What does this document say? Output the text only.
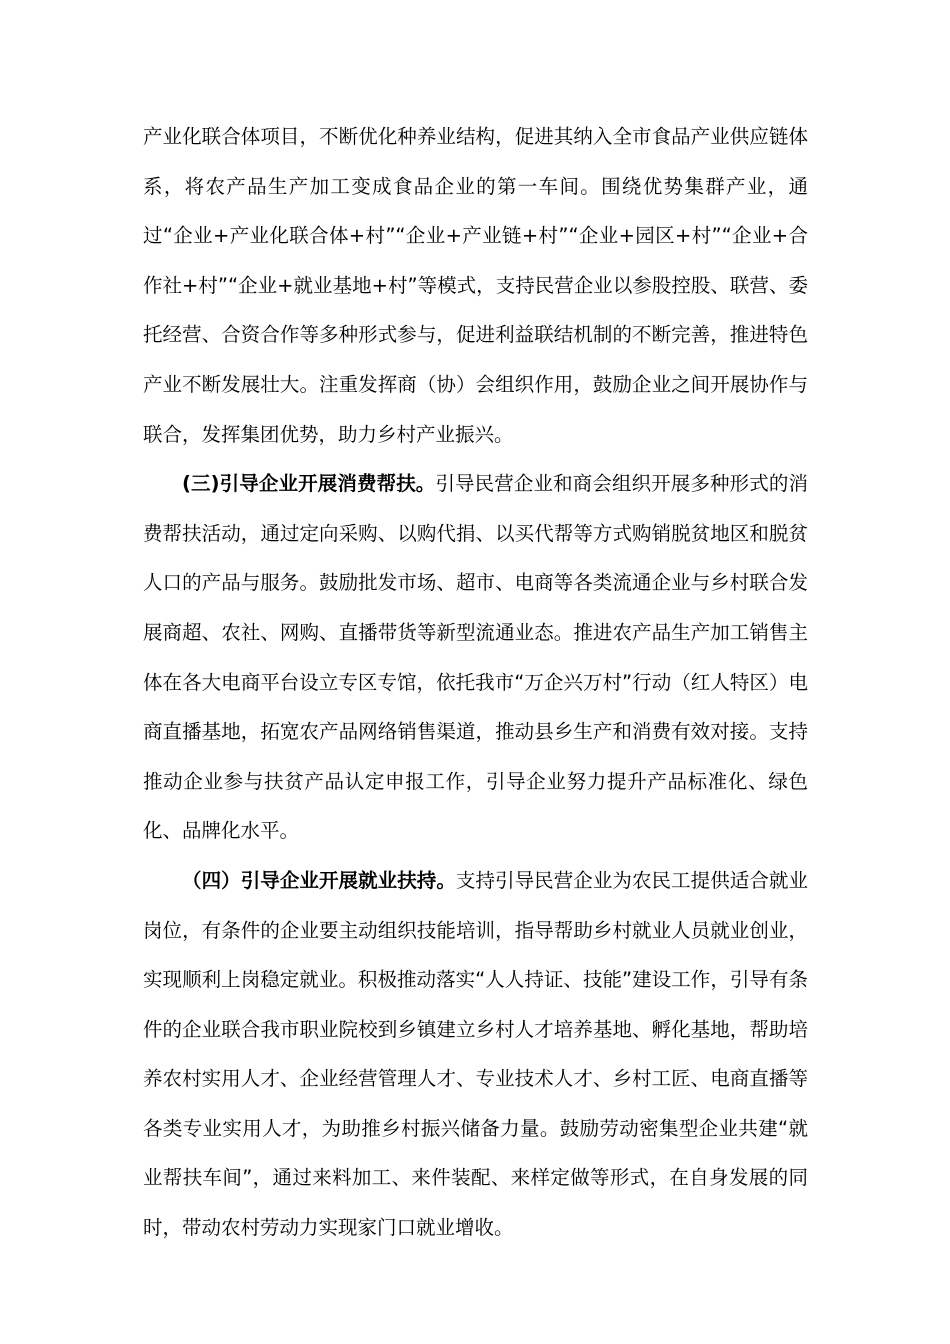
产业化联合体项目，不断优化种养业结构，促进其纳入全市食品产业供应链体系，将农产品生产加工变成食品企业的第一车间。围绕优势集群产业，通过“企业+产业化联合体+村”“企业+产业链+村”“企业+园区+村”“企业+合作社+村”“企业+就业基地+村”等模式，支持民营企业以参股控股、联营、委托经营、合资合作等多种形式参与，促进利益联结机制的不断完善，推进特色产业不断发展壮大。注重发挥商（协）会组织作用，鼓励企业之间开展协作与联合，发挥集团优势，助力乡村产业振兴。

(三)引导企业开展消费帮扶。引导民营企业和商会组织开展多种形式的消费帮扶活动，通过定向采购、以购代捐、以买代帮等方式购销脱贫地区和脱贫人口的产品与服务。鼓励批发市场、超市、电商等各类流通企业与乡村联合发展商超、农社、网购、直播带货等新型流通业态。推进农产品生产加工销售主体在各大电商平台设立专区专馆，依托我市“万企兴万村”行动（红人特区）电商直播基地，拓宽农产品网络销售渠道，推动县乡生产和消费有效对接。支持推动企业参与扶贫产品认定申报工作，引导企业努力提升产品标准化、绿色化、品牌化水平。

（四）引导企业开展就业扶持。支持引导民营企业为农民工提供适合就业岗位，有条件的企业要主动组织技能培训，指导帮助乡村就业人员就业创业，实现顺利上岗稳定就业。积极推动落实“人人持证、技能”建设工作，引导有条件的企业联合我市职业院校到乡镇建立乡村人才培养基地、孵化基地，帮助培养农村实用人才、企业经营管理人才、专业技术人才、乡村工匠、电商直播等各类专业实用人才，为助推乡村振兴储备力量。鼓励劳动密集型企业共建“就业帮扶车间”，通过来料加工、来件装配、来样定做等形式，在自身发展的同时，带动农村劳动力实现家门口就业增收。
